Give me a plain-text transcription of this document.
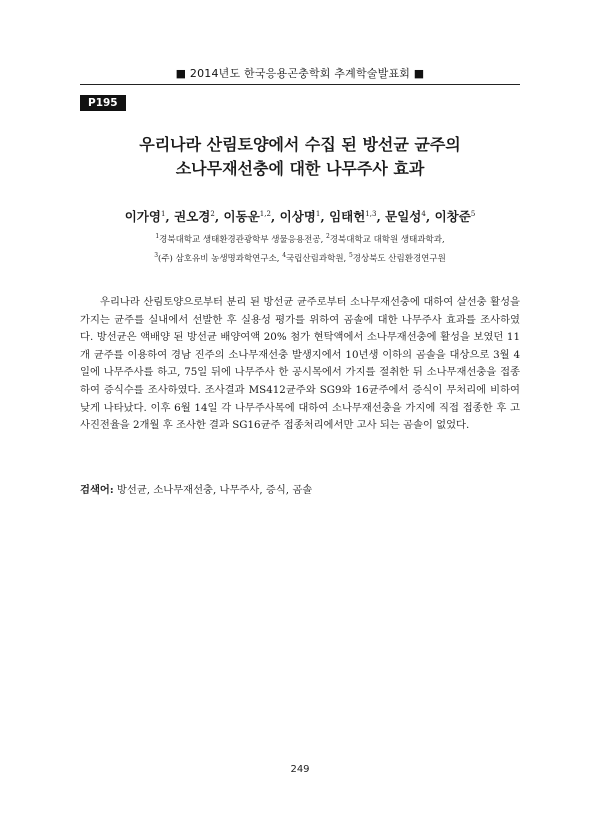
■ 2014년도 한국응용곤충학회 추계학술발표회 ■
P195
우리나라 산림토양에서 수집 된 방선균 균주의
소나무재선충에 대한 나무주사 효과
이가영$^1$, 권오경$^2$, 이동운$^{1,2}$, 이상명$^1$, 임태헌$^{1,3}$, 문일성$^4$, 이창준$^5$
$^1$경북대학교 생태환경관광학부 생물응용전공, $^2$경북대학교 대학원 생태과학과,
$^3$(주) 삼호유비 농생명과학연구소, $^4$국립산림과학원, $^5$경상북도 산림환경연구원

우리나라 산림토양으로부터 분리 된 방선균 균주로부터 소나무재선충에 대하여 살선충 활성을 가지는 균주를 실내에서 선발한 후 실용성 평가를 위하여 곰솔에 대한 나무주사 효과를 조사하였다. 방선균은 액배양 된 방선균 배양여액 20% 첨가 현탁액에서 소나무재선충에 활성을 보였던 11개 균주를 이용하여 경남 진주의 소나무재선충 발생지에서 10년생 이하의 곰솔을 대상으로 3월 4일에 나무주사를 하고, 75일 뒤에 나무주사 한 공시목에서 가지를 절취한 뒤 소나무재선충을 접종하여 증식수를 조사하였다. 조사결과 MS412균주와 SG9와 16균주에서 증식이 무처리에 비하여 낮게 나타났다. 이후 6월 14일 각 나무주사목에 대하여 소나무재선충을 가지에 직접 접종한 후 고사진전율을 2개월 후 조사한 결과 SG16균주 접종처리에서만 고사 되는 곰솔이 없었다.

검색어: 방선균, 소나무재선충, 나무주사, 증식, 곰솔
249
